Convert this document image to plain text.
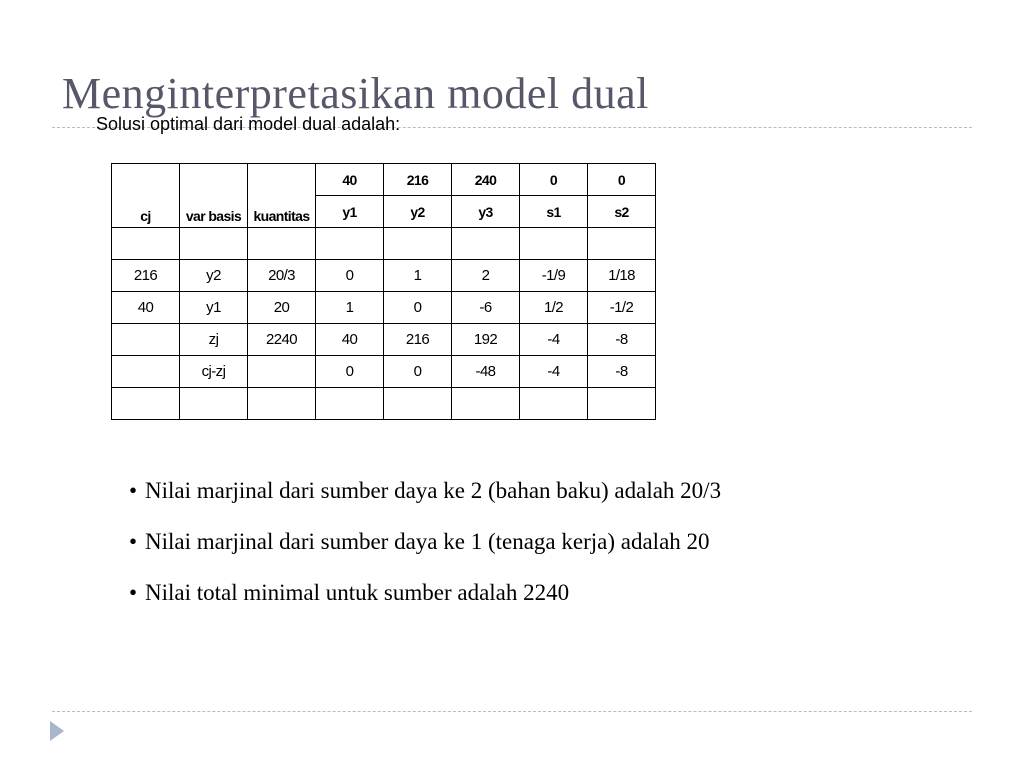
Menginterpretasikan model dual

Solusi optimal dari model dual adalah:

cj	var basis	kuantitas	40	216	240	0	0
			y1	y2	y3	s1	s2

216	y2	20/3	0	1	2	-1/9	1/18
40	y1	20	1	0	-6	1/2	-1/2
	zj	2240	40	216	192	-4	-8
	cj-zj		0	0	-48	-4	-8

• Nilai marjinal dari sumber daya ke 2 (bahan baku) adalah 20/3
• Nilai marjinal dari sumber daya ke 1 (tenaga kerja) adalah 20
• Nilai total minimal untuk sumber adalah 2240
